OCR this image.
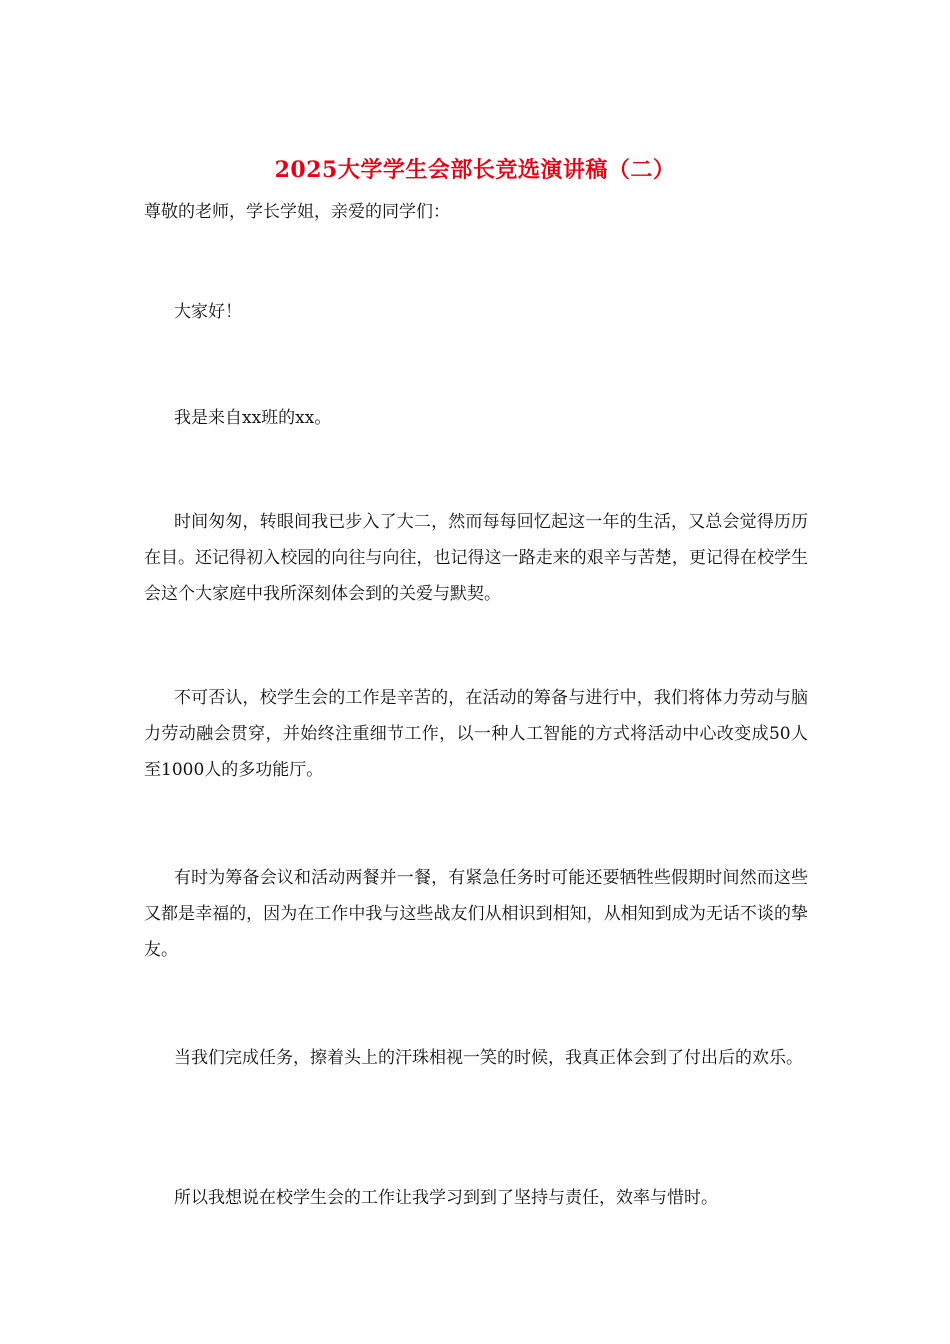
2025大学学生会部长竞选演讲稿（二）

尊敬的老师，学长学姐，亲爱的同学们：

大家好！

我是来自xx班的xx。

时间匆匆，转眼间我已步入了大二，然而每每回忆起这一年的生活，又总会觉得历历在目。还记得初入校园的向往与向往，也记得这一路走来的艰辛与苦楚，更记得在校学生会这个大家庭中我所深刻体会到的关爱与默契。

不可否认，校学生会的工作是辛苦的，在活动的筹备与进行中，我们将体力劳动与脑力劳动融会贯穿，并始终注重细节工作，以一种人工智能的方式将活动中心改变成50人至1000人的多功能厅。

有时为筹备会议和活动两餐并一餐，有紧急任务时可能还要牺牲些假期时间然而这些又都是幸福的，因为在工作中我与这些战友们从相识到相知，从相知到成为无话不谈的挚友。

当我们完成任务，擦着头上的汗珠相视一笑的时候，我真正体会到了付出后的欢乐。

所以我想说在校学生会的工作让我学习到到了坚持与责任，效率与惜时。
